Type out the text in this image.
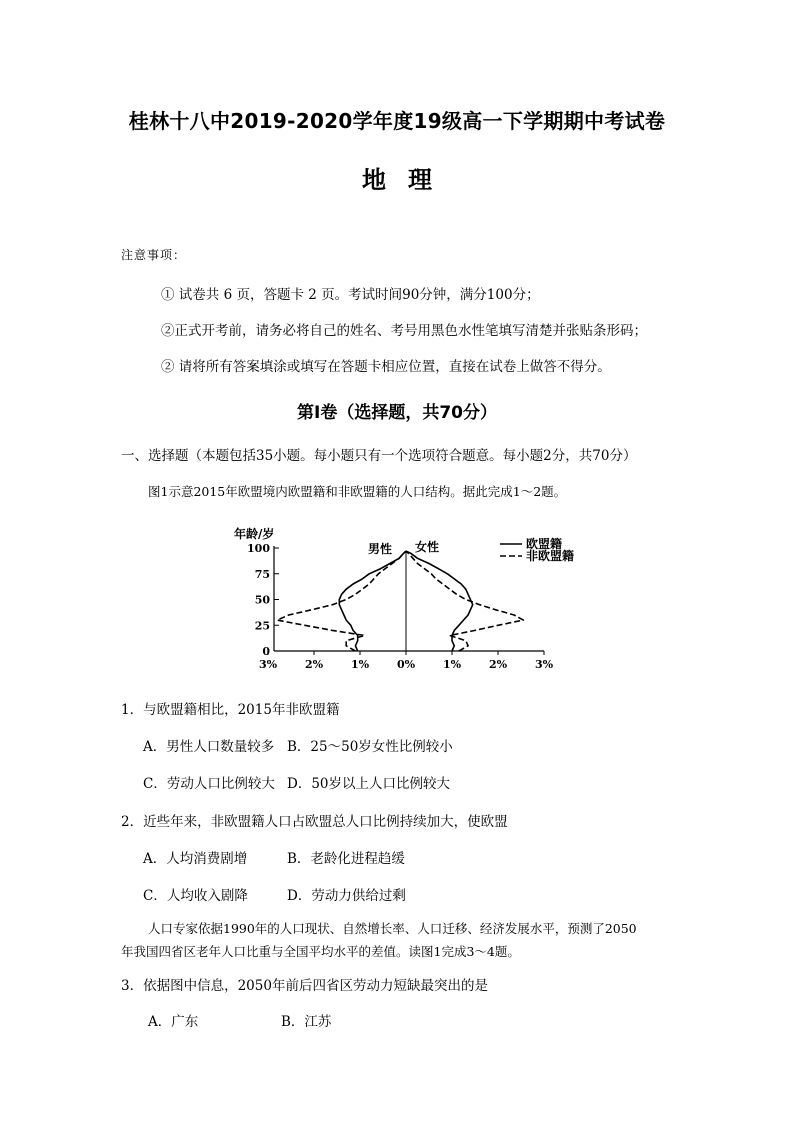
桂林十八中2019-2020学年度19级高一下学期期中考试卷
地理
注意事项：
① 试卷共 6 页，答题卡 2 页。考试时间90分钟，满分100分；
②正式开考前，请务必将自己的姓名、考号用黑色水性笔填写清楚并张贴条形码；
② 请将所有答案填涂或填写在答题卡相应位置，直接在试卷上做答不得分。
第I卷（选择题，共70分）
一、选择题（本题包括35小题。每小题只有一个选项符合题意。每小题2分，共70分）
图1示意2015年欧盟境内欧盟籍和非欧盟籍的人口结构。据此完成1～2题。
年龄/岁
男性 女性
0
25
50
75
100
3%	2%	1%	0%	1%	2%	3%
欧盟籍
非欧盟籍
1．与欧盟籍相比，2015年非欧盟籍
A．男性人口数量较多 B．25～50岁女性比例较小
C．劳动人口比例较大 D．50岁以上人口比例较大
2．近些年来，非欧盟籍人口占欧盟总人口比例持续加大，使欧盟
A．人均消费剧增	B．老龄化进程趋缓
C．人均收入剧降	D．劳动力供给过剩
人口专家依据1990年的人口现状、自然增长率、人口迁移、经济发展水平，预测了2050
年我国四省区老年人口比重与全国平均水平的差值。读图1完成3～4题。
3．依据图中信息，2050年前后四省区劳动力短缺最突出的是
A．广东	B．江苏
